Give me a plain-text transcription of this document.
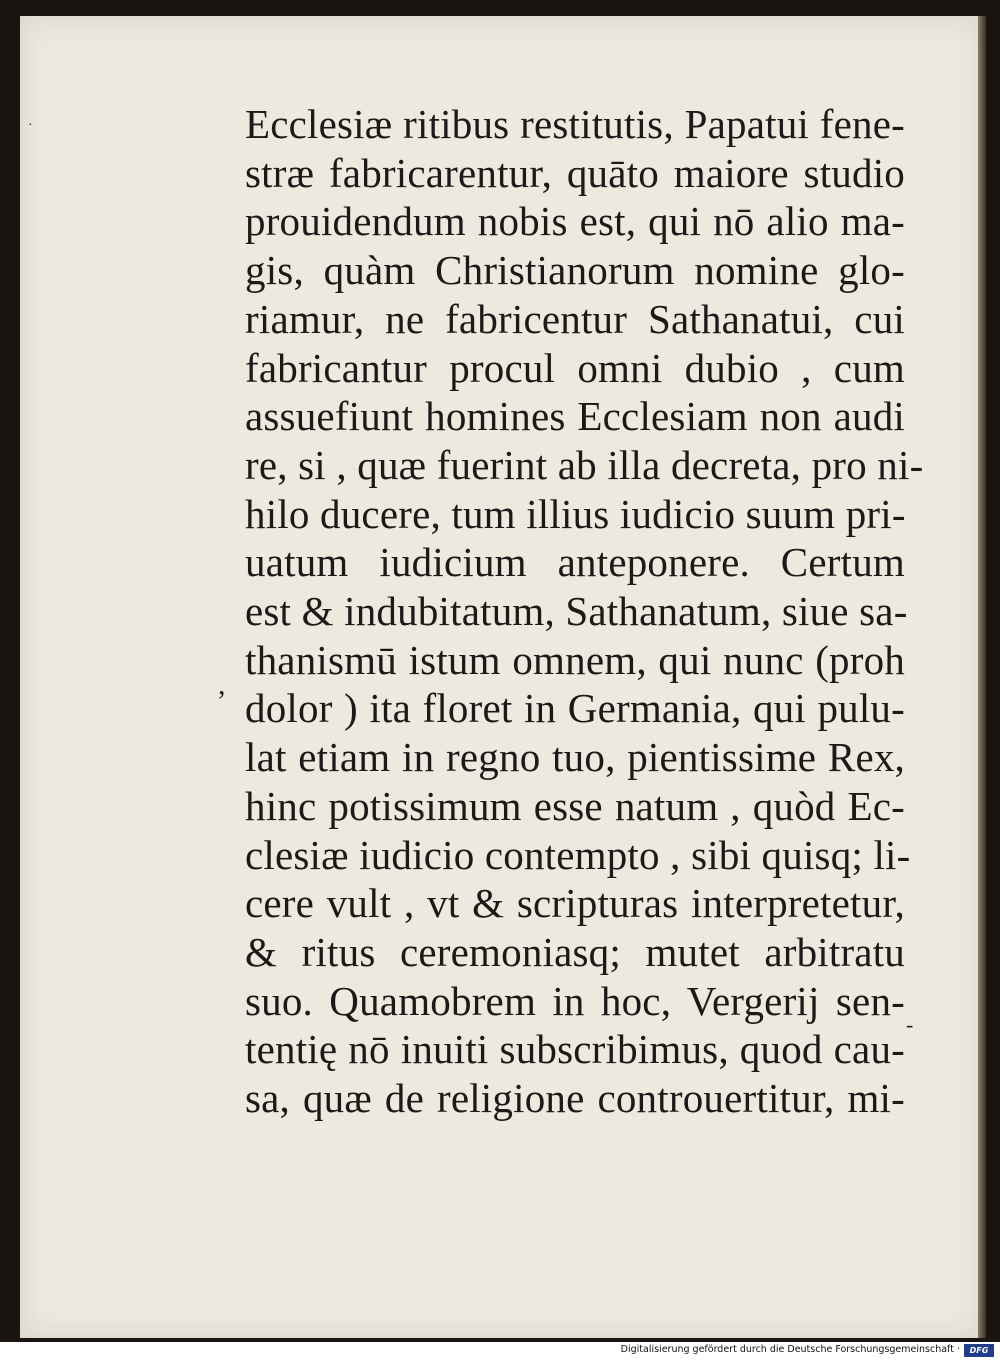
·
,
-
Ecclesiæ ritibus restitutis, Papatui fene-
stræ fabricarentur, quāto maiore studio
prouidendum nobis est, qui nō alio ma-
gis, quàm Christianorum nomine glo-
riamur, ne fabricentur Sathanatui, cui
fabricantur procul omni dubio , cum
assuefiunt homines Ecclesiam non audi
re, si , quæ fuerint ab illa decreta, pro ni-
hilo ducere, tum illius iudicio suum pri-
uatum iudicium anteponere. Certum
est & indubitatum, Sathanatum, siue sa-
thanismū istum omnem, qui nunc (proh
dolor ) ita floret in Germania, qui pulu-
lat etiam in regno tuo, pientissime Rex,
hinc potissimum esse natum , quòd Ec-
clesiæ iudicio contempto , sibi quisq; li-
cere vult , vt & scripturas interpretetur,
& ritus ceremoniasq; mutet arbitratu
suo. Quamobrem in hoc, Vergerij sen-
tentię nō inuiti subscribimus, quod cau-
sa, quæ de religione controuertitur, mi-
Digitalisierung gefördert durch die Deutsche Forschungsgemeinschaft ·	DFG
